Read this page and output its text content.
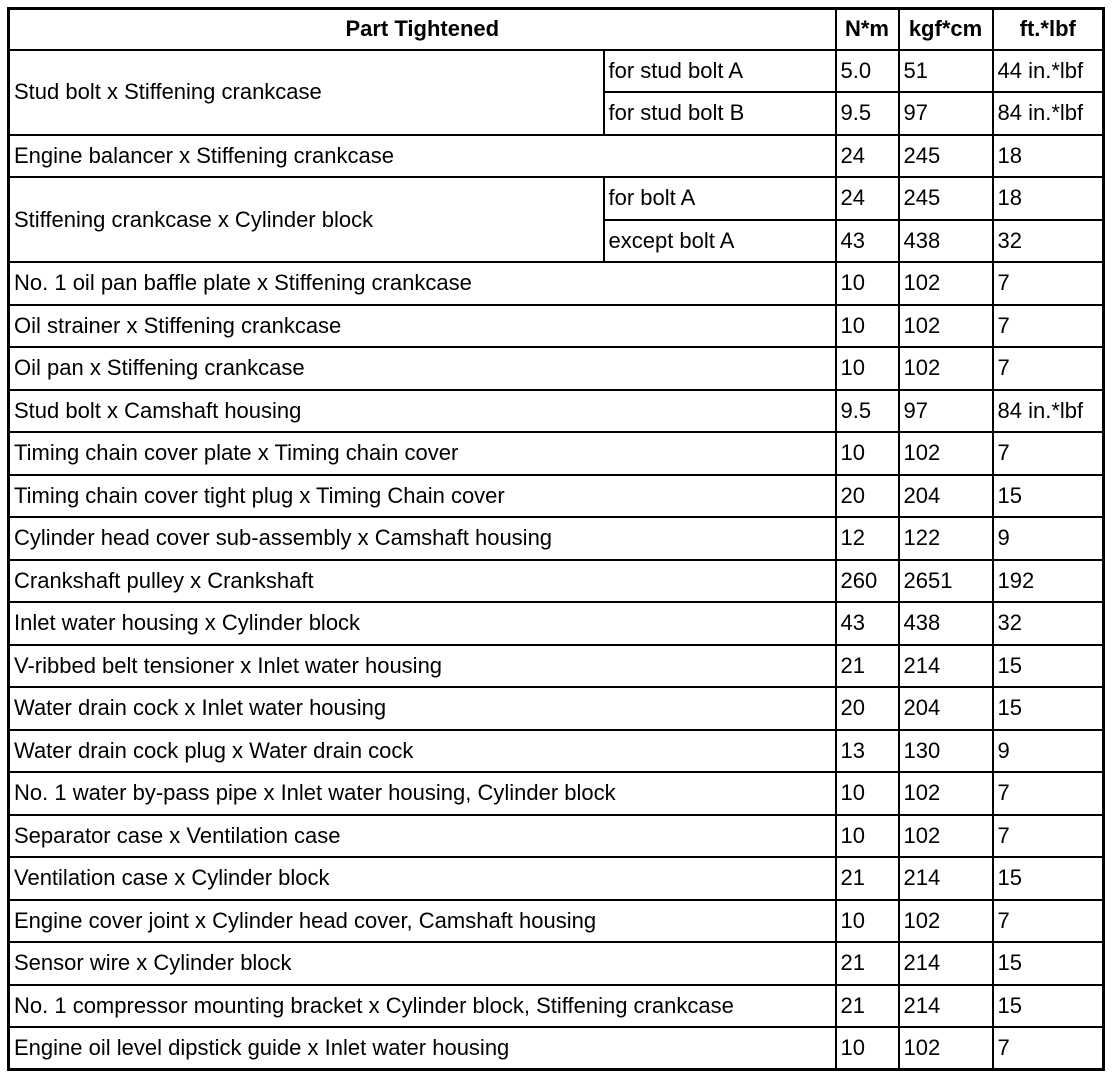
Part Tightened		N*m	kgf*cm	ft.*lbf
Stud bolt x Stiffening crankcase	for stud bolt A	5.0	51	44 in.*lbf
	for stud bolt B	9.5	97	84 in.*lbf
Engine balancer x Stiffening crankcase		24	245	18
Stiffening crankcase x Cylinder block	for bolt A	24	245	18
	except bolt A	43	438	32
No. 1 oil pan baffle plate x Stiffening crankcase		10	102	7
Oil strainer x Stiffening crankcase		10	102	7
Oil pan x Stiffening crankcase		10	102	7
Stud bolt x Camshaft housing		9.5	97	84 in.*lbf
Timing chain cover plate x Timing chain cover		10	102	7
Timing chain cover tight plug x Timing Chain cover		20	204	15
Cylinder head cover sub-assembly x Camshaft housing		12	122	9
Crankshaft pulley x Crankshaft		260	2651	192
Inlet water housing x Cylinder block		43	438	32
V-ribbed belt tensioner x Inlet water housing		21	214	15
Water drain cock x Inlet water housing		20	204	15
Water drain cock plug x Water drain cock		13	130	9
No. 1 water by-pass pipe x Inlet water housing, Cylinder block		10	102	7
Separator case x Ventilation case		10	102	7
Ventilation case x Cylinder block		21	214	15
Engine cover joint x Cylinder head cover, Camshaft housing		10	102	7
Sensor wire x Cylinder block		21	214	15
No. 1 compressor mounting bracket x Cylinder block, Stiffening crankcase		21	214	15
Engine oil level dipstick guide x Inlet water housing		10	102	7
